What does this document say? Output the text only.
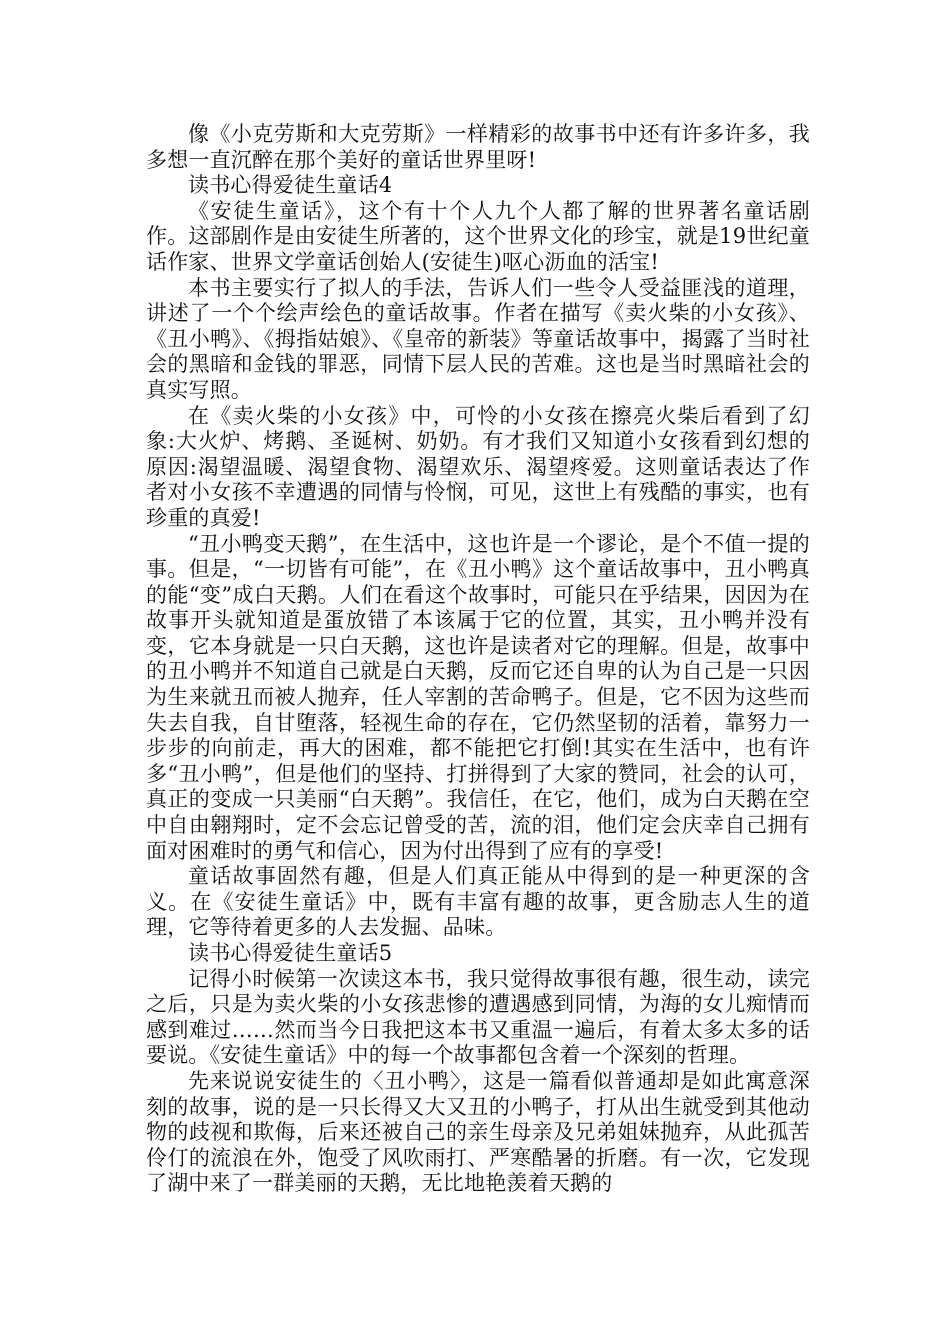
像《小克劳斯和大克劳斯》一样精彩的故事书中还有许多许多，我多想一直沉醉在那个美好的童话世界里呀!

读书心得爱徒生童话4

《安徒生童话》，这个有十个人九个人都了解的世界著名童话剧作。这部剧作是由安徒生所著的，这个世界文化的珍宝，就是19世纪童话作家、世界文学童话创始人(安徒生)呕心沥血的活宝!

本书主要实行了拟人的手法，告诉人们一些令人受益匪浅的道理，讲述了一个个绘声绘色的童话故事。作者在描写《卖火柴的小女孩》、《丑小鸭》、《拇指姑娘》、《皇帝的新装》等童话故事中，揭露了当时社会的黑暗和金钱的罪恶，同情下层人民的苦难。这也是当时黑暗社会的真实写照。

在《卖火柴的小女孩》中，可怜的小女孩在擦亮火柴后看到了幻象:大火炉、烤鹅、圣诞树、奶奶。有才我们又知道小女孩看到幻想的原因:渴望温暖、渴望食物、渴望欢乐、渴望疼爱。这则童话表达了作者对小女孩不幸遭遇的同情与怜悯，可见，这世上有残酷的事实，也有珍重的真爱!

“丑小鸭变天鹅”，在生活中，这也许是一个谬论，是个不值一提的事。但是，“一切皆有可能”，在《丑小鸭》这个童话故事中，丑小鸭真的能“变”成白天鹅。人们在看这个故事时，可能只在乎结果，因因为在故事开头就知道是蛋放错了本该属于它的位置，其实，丑小鸭并没有变，它本身就是一只白天鹅，这也许是读者对它的理解。但是，故事中的丑小鸭并不知道自己就是白天鹅，反而它还自卑的认为自己是一只因为生来就丑而被人抛弃，任人宰割的苦命鸭子。但是，它不因为这些而失去自我，自甘堕落，轻视生命的存在，它仍然坚韧的活着，靠努力一步步的向前走，再大的困难，都不能把它打倒!其实在生活中，也有许多“丑小鸭”，但是他们的坚持、打拼得到了大家的赞同，社会的认可，真正的变成一只美丽“白天鹅”。我信任，在它，他们，成为白天鹅在空中自由翱翔时，定不会忘记曾受的苦，流的泪，他们定会庆幸自己拥有面对困难时的勇气和信心，因为付出得到了应有的享受!

童话故事固然有趣，但是人们真正能从中得到的是一种更深的含义。在《安徒生童话》中，既有丰富有趣的故事，更含励志人生的道理，它等待着更多的人去发掘、品味。

读书心得爱徒生童话5

记得小时候第一次读这本书，我只觉得故事很有趣，很生动，读完之后，只是为卖火柴的小女孩悲惨的遭遇感到同情，为海的女儿痴情而感到难过……然而当今日我把这本书又重温一遍后，有着太多太多的话要说。《安徒生童话》中的每一个故事都包含着一个深刻的哲理。

先来说说安徒生的〈丑小鸭〉，这是一篇看似普通却是如此寓意深刻的故事，说的是一只长得又大又丑的小鸭子，打从出生就受到其他动物的歧视和欺侮，后来还被自己的亲生母亲及兄弟姐妹抛弃，从此孤苦伶仃的流浪在外，饱受了风吹雨打、严寒酷暑的折磨。有一次，它发现了湖中来了一群美丽的天鹅，无比地艳羡着天鹅的
